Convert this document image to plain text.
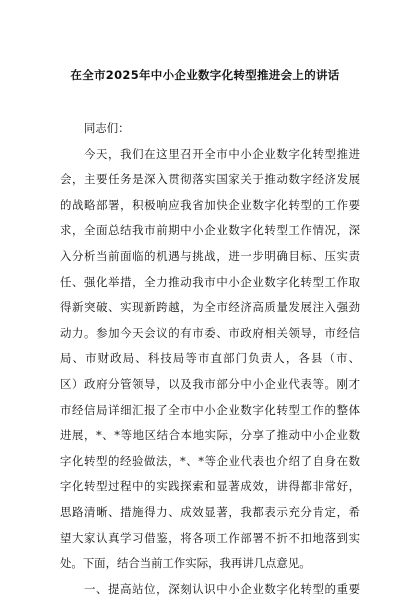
在全市2025年中小企业数字化转型推进会上的讲话
同志们：
今天，我们在这里召开全市中小企业数字化转型推进
会，主要任务是深入贯彻落实国家关于推动数字经济发展
的战略部署，积极响应我省加快企业数字化转型的工作要
求，全面总结我市前期中小企业数字化转型工作情况，深
入分析当前面临的机遇与挑战，进一步明确目标、压实责
任、强化举措，全力推动我市中小企业数字化转型工作取
得新突破、实现新跨越，为全市经济高质量发展注入强劲
动力。参加今天会议的有市委、市政府相关领导，市经信
局、市财政局、科技局等市直部门负责人，各县（市、
区）政府分管领导，以及我市部分中小企业代表等。刚才
市经信局详细汇报了全市中小企业数字化转型工作的整体
进展，*、*等地区结合本地实际，分享了推动中小企业数
字化转型的经验做法，*、*等企业代表也介绍了自身在数
字化转型过程中的实践探索和显著成效，讲得都非常好，
思路清晰、措施得力、成效显著，我都表示充分肯定，希
望大家认真学习借鉴，将各项工作部署不折不扣地落到实
处。下面，结合当前工作实际，我再讲几点意见。
一、提高站位，深刻认识中小企业数字化转型的重要
